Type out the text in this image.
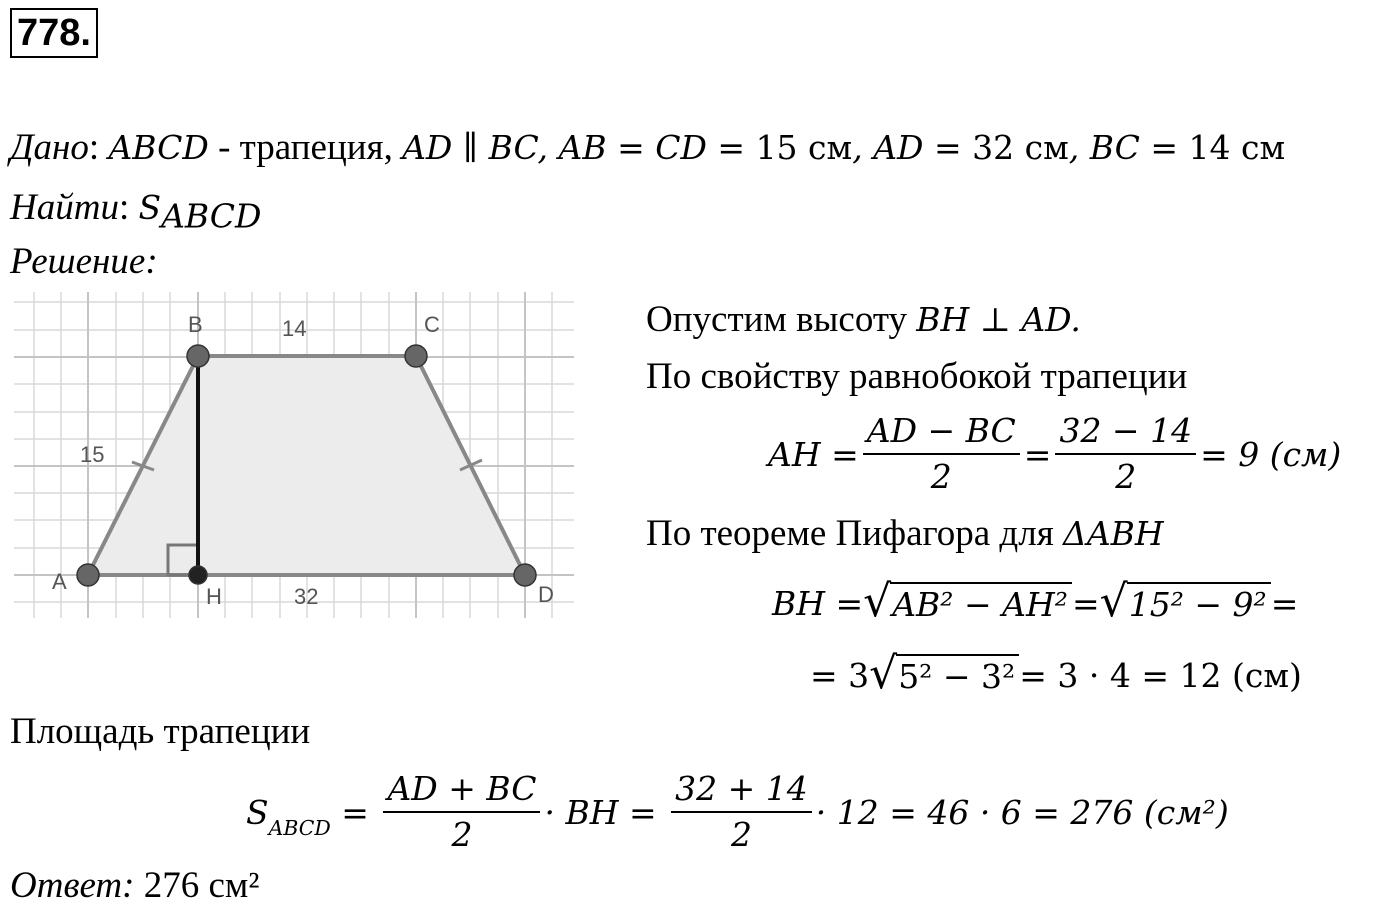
778.
Дано: ABCD - трапеция, AD ∥ BC, AB = CD = 15 см, AD = 32 см, BC = 14 см
Найти: $S_{ABCD}$
Решение:
A
B	C
D
H
14
15
32
Опустим высоту BH ⊥ AD.
По свойству равнобокой трапеции
AH = $\frac{AD - BC}{2} = \frac{32 - 14}{2} = 9$ (см)
По теореме Пифагора для ΔABH
BH = √ AB² − AH² = √ 15² − 9² =
= 3 √ 5² − 3² = 3 · 4 = 12 (см)
Площадь трапеции
$S_{ABCD} = \frac{AD + BC}{2}$ · BH = $\frac{32 + 14}{2} \cdot 12 = 46 \cdot 6 = 276$ (см²)
Ответ: 276 см²
